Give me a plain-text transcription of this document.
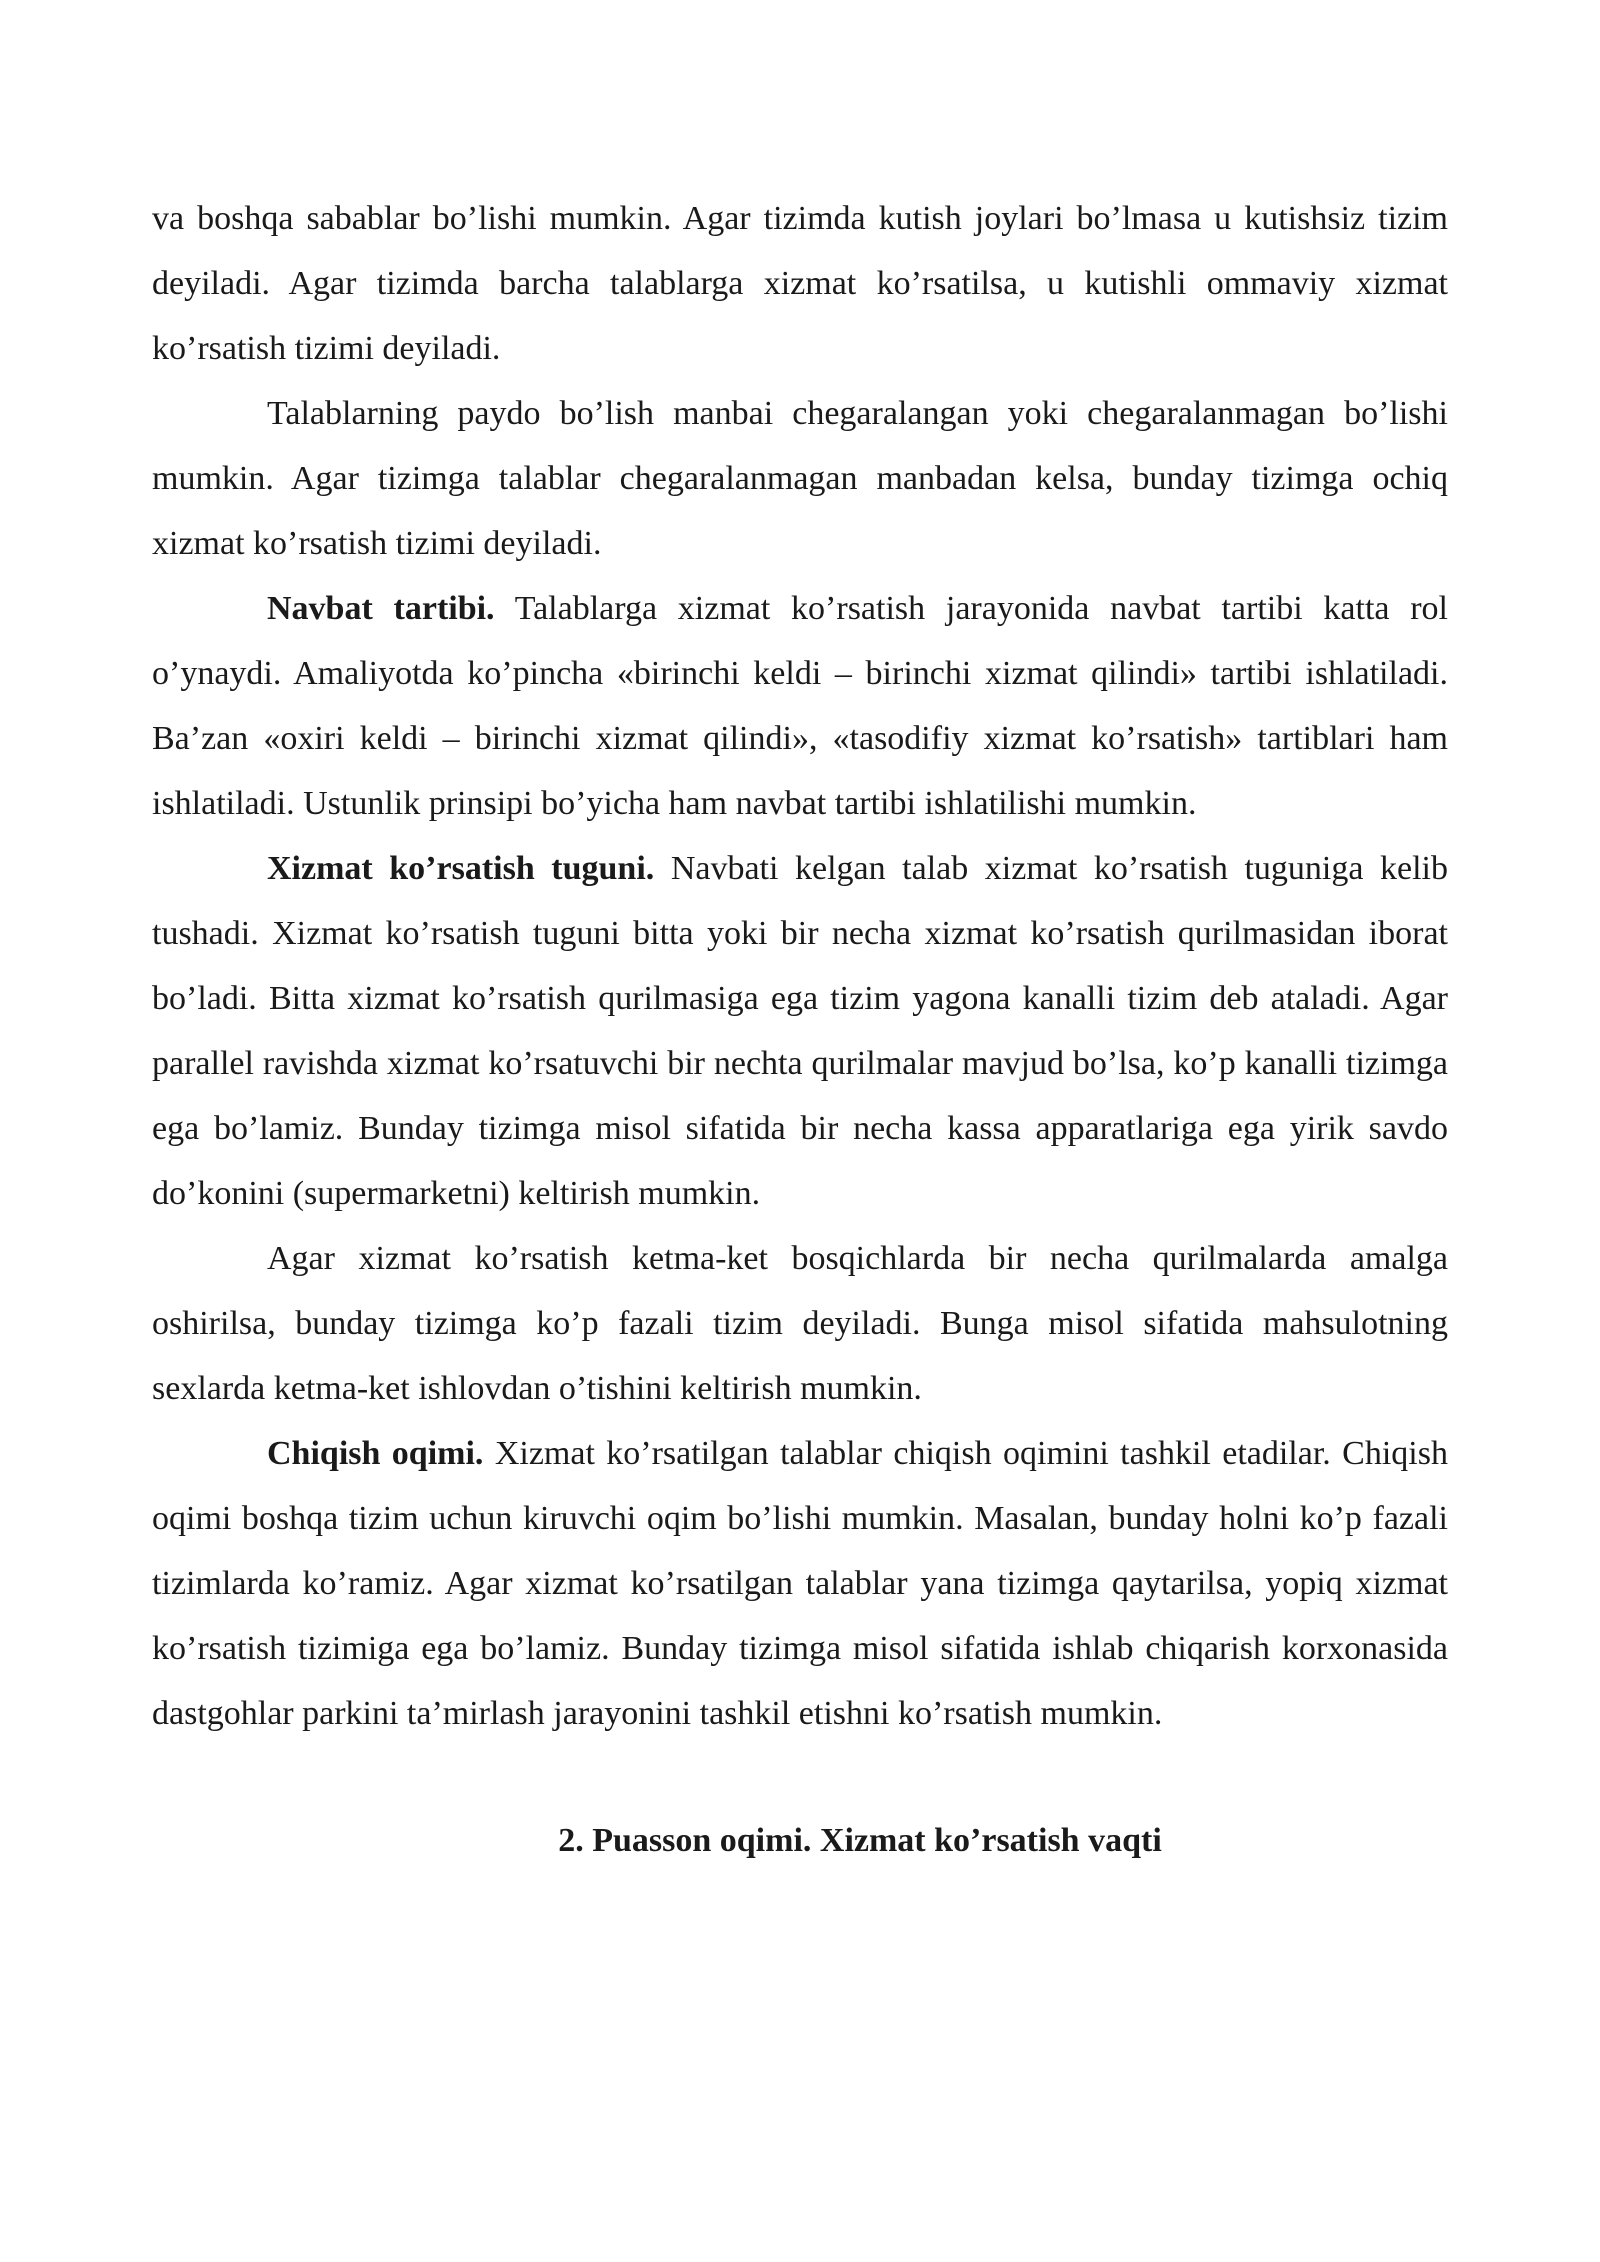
va boshqa sabablar bo’lishi mumkin. Agar tizimda kutish joylari bo’lmasa u kutishsiz tizim deyiladi. Agar tizimda barcha talablarga xizmat ko’rsatilsa, u kutishli ommaviy xizmat ko’rsatish tizimi deyiladi.

Talablarning paydo bo’lish manbai chegaralangan yoki chegaralanmagan bo’lishi mumkin. Agar tizimga talablar chegaralanmagan manbadan kelsa, bunday tizimga ochiq xizmat ko’rsatish tizimi deyiladi.

Navbat tartibi. Talablarga xizmat ko’rsatish jarayonida navbat tartibi katta rol o’ynaydi. Amaliyotda ko’pincha «birinchi keldi – birinchi xizmat qilindi» tartibi ishlatiladi. Ba’zan «oxiri keldi – birinchi xizmat qilindi», «tasodifiy xizmat ko’rsatish» tartiblari ham ishlatiladi. Ustunlik prinsipi bo’yicha ham navbat tartibi ishlatilishi mumkin.

Xizmat ko’rsatish tuguni. Navbati kelgan talab xizmat ko’rsatish tuguniga kelib tushadi. Xizmat ko’rsatish tuguni bitta yoki bir necha xizmat ko’rsatish qurilmasidan iborat bo’ladi. Bitta xizmat ko’rsatish qurilmasiga ega tizim yagona kanalli tizim deb ataladi. Agar parallel ravishda xizmat ko’rsatuvchi bir nechta qurilmalar mavjud bo’lsa, ko’p kanalli tizimga ega bo’lamiz. Bunday tizimga misol sifatida bir necha kassa apparatlariga ega yirik savdo do’konini (supermarketni) keltirish mumkin.

Agar xizmat ko’rsatish ketma-ket bosqichlarda bir necha qurilmalarda amalga oshirilsa, bunday tizimga ko’p fazali tizim deyiladi. Bunga misol sifatida mahsulotning sexlarda ketma-ket ishlovdan o’tishini keltirish mumkin.

Chiqish oqimi. Xizmat ko’rsatilgan talablar chiqish oqimini tashkil etadilar. Chiqish oqimi boshqa tizim uchun kiruvchi oqim bo’lishi mumkin. Masalan, bunday holni ko’p fazali tizimlarda ko’ramiz. Agar xizmat ko’rsatilgan talablar yana tizimga qaytarilsa, yopiq xizmat ko’rsatish tizimiga ega bo’lamiz. Bunday tizimga misol sifatida ishlab chiqarish korxonasida dastgohlar parkini ta’mirlash jarayonini tashkil etishni ko’rsatish mumkin.

2. Puasson oqimi. Xizmat ko’rsatish vaqti
